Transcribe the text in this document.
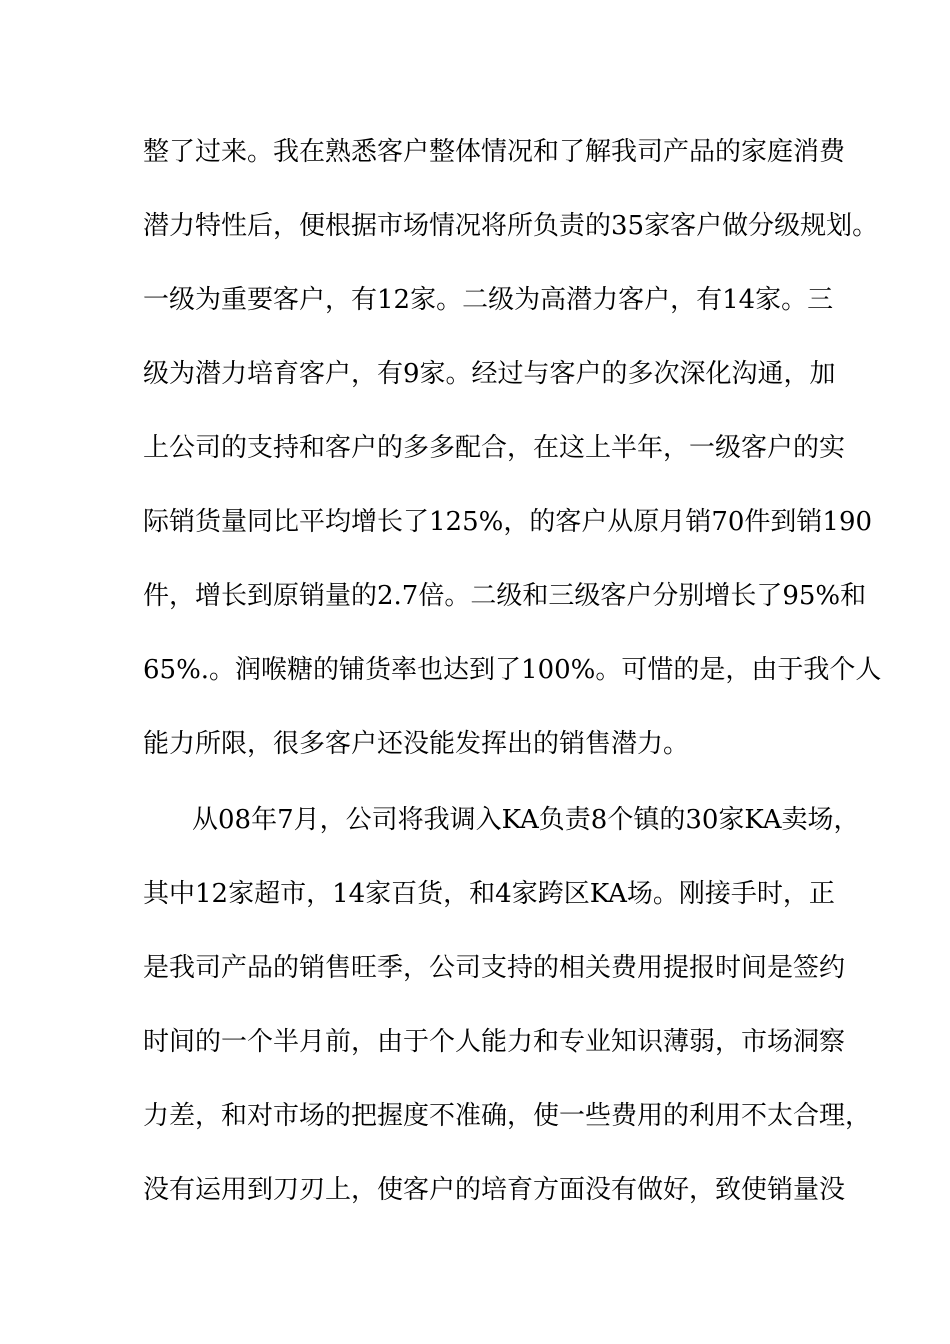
整了过来。我在熟悉客户整体情况和了解我司产品的家庭消费
潜力特性后，便根据市场情况将所负责的35家客户做分级规划。
一级为重要客户，有12家。二级为高潜力客户，有14家。三
级为潜力培育客户，有9家。经过与客户的多次深化沟通，加
上公司的支持和客户的多多配合，在这上半年，一级客户的实
际销货量同比平均增长了125%，的客户从原月销70件到销190
件，增长到原销量的2.7倍。二级和三级客户分别增长了95%和
65%.。润喉糖的铺货率也达到了100%。可惜的是，由于我个人
能力所限，很多客户还没能发挥出的销售潜力。
从08年7月，公司将我调入KA负责8个镇的30家KA卖场，
其中12家超市，14家百货，和4家跨区KA场。刚接手时，正
是我司产品的销售旺季，公司支持的相关费用提报时间是签约
时间的一个半月前，由于个人能力和专业知识薄弱，市场洞察
力差，和对市场的把握度不准确，使一些费用的利用不太合理，
没有运用到刀刃上，使客户的培育方面没有做好，致使销量没
